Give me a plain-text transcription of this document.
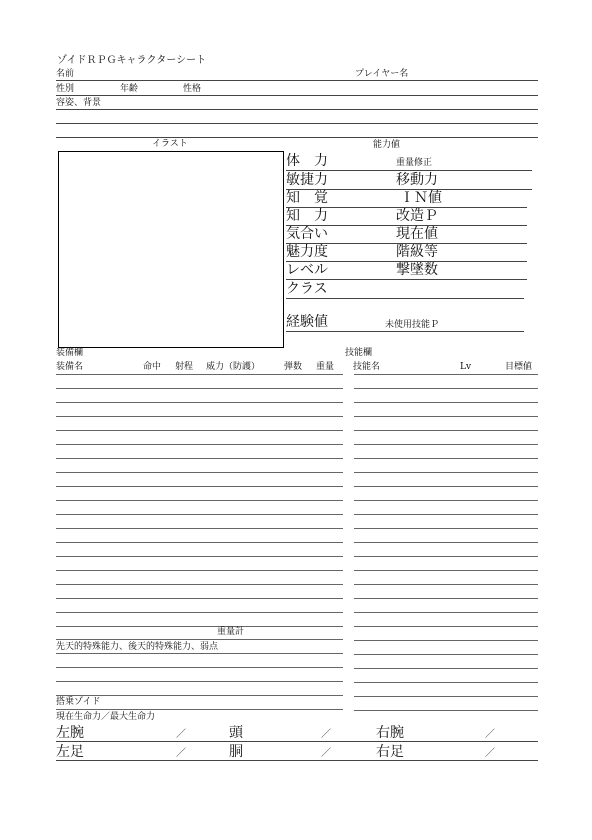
ゾイドＲＰＧキャラクターシート
名前	プレイヤー名
性別	年齢	性格
容姿、背景
イラスト	能力値
体　力	重量修正
敏捷力	移動力
知　覚	ＩＮ値
知　力	改造Ｐ
気合い	現在値
魅力度	階級等
レベル	撃墜数
クラス
経験値	未使用技能Ｐ
装備欄
装備名	命中 射程 威力（防護）	弾数 重量
技能欄
技能名	Lv	目標値
重量計
先天的特殊能力、後天的特殊能力、弱点
搭乗ゾイド
現在生命力／最大生命力
左腕	／	頭	／	右腕	／
左足	／	胴	／	右足	／
